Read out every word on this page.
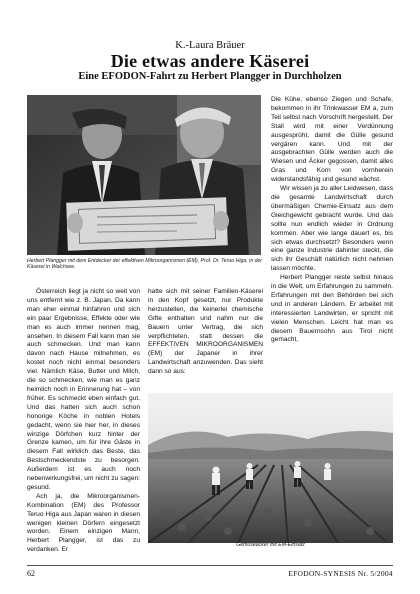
K.-Laura Bräuer
Die etwas andere Käserei
Eine EFODON-Fahrt zu Herbert Plangger in Durchholzen
Herbert Plangger mit dem Entdecker der effektiven Mikroorganismen (EM), Prof. Dr. Teruo Higa, in der Käserei in Walchsee.

Österreich liegt ja nicht so weit von uns entfernt wie z. B. Japan. Da kann man eher einmal hinfahren und sich ein paar Ergebnisse, Effekte oder wie man es auch immer nennen mag, ansehen. In diesem Fall kann man sie auch schmecken. Und man kann davon nach Hause mitnehmen, es kostet noch nicht einmal besonders viel. Nämlich Käse, Butter und Milch, die so schmecken, wie man es ganz heimlich noch in Erinnerung hat – von früher. Es schmeckt eben einfach gut. Und das hatten sich auch schon honorige Köche in noblen Hotels gedacht, wenn sie hier her, in dieses winzige Dörfchen kurz hinter der Grenze kamen, um für ihre Gäste in diesem Fall wirklich das Beste, das Bestschmeckendste zu besorgen. Außerdem ist es auch noch nebenwirkungsfrei, um nicht zu sagen: gesund.

Ach ja, die Mikroorganismen-Kombination (EM) des Professor Teruo Higa aus Japan waren in diesen wenigen kleinen Dörfern eingesetzt worden. Einem einzigen Mann, Herbert Plangger, ist das zu verdanken. Er

hatte sich mit seiner Familien-Käserei in den Kopf gesetzt, nur Produkte herzustellen, die keinerlei chemische Gifte enthalten und nahm nur die Bauern unter Vertrag, die sich verpflichteten, statt dessen die EFFEKTIVEN MIKROORGANISMEN (EM) der Japaner in ihrer Landwirtschaft anzuwenden. Das sieht dann so aus:

Die Kühe, ebenso Ziegen und Schafe, bekommen in ihr Trinkwasser EM a, zum Teil selbst nach Vorschrift hergestellt. Der Stall wird mit einer Verdünnung ausgesprüht, damit die Gülle gesund vergären kann. Und mit der ausgebrachten Gülle werden auch die Wiesen und Äcker gegossen, damit alles Gras und Korn von vornherein widerstandsfähig und gesund wächst.

Wir wissen ja zu aller Leidwesen, dass die gesamte Landwirtschaft durch übermäßigen Chemie-Einsatz aus dem Gleichgewicht gebracht wurde. Und das sollte nun endlich wieder in Ordnung kommen. Aber wie lange dauert es, bis sich etwas durchsetzt? Besonders wenn eine ganze Industrie dahinter steckt, die sich ihr Geschäft natürlich nicht nehmen lassen möchte.

Herbert Plangger reiste selbst hinaus in die Welt, um Erfahrungen zu sammeln. Erfahrungen mit den Behörden bei sich und in anderen Ländern. Er arbeitet mit interessierten Landwirten, er spricht mit vielen Menschen. Leicht hat man es diesem Bauernsohn aus Tirol nicht gemacht,

Gemüseacker mit EM-Einsatz
62	EFODON-SYNESIS Nr. 5/2004
